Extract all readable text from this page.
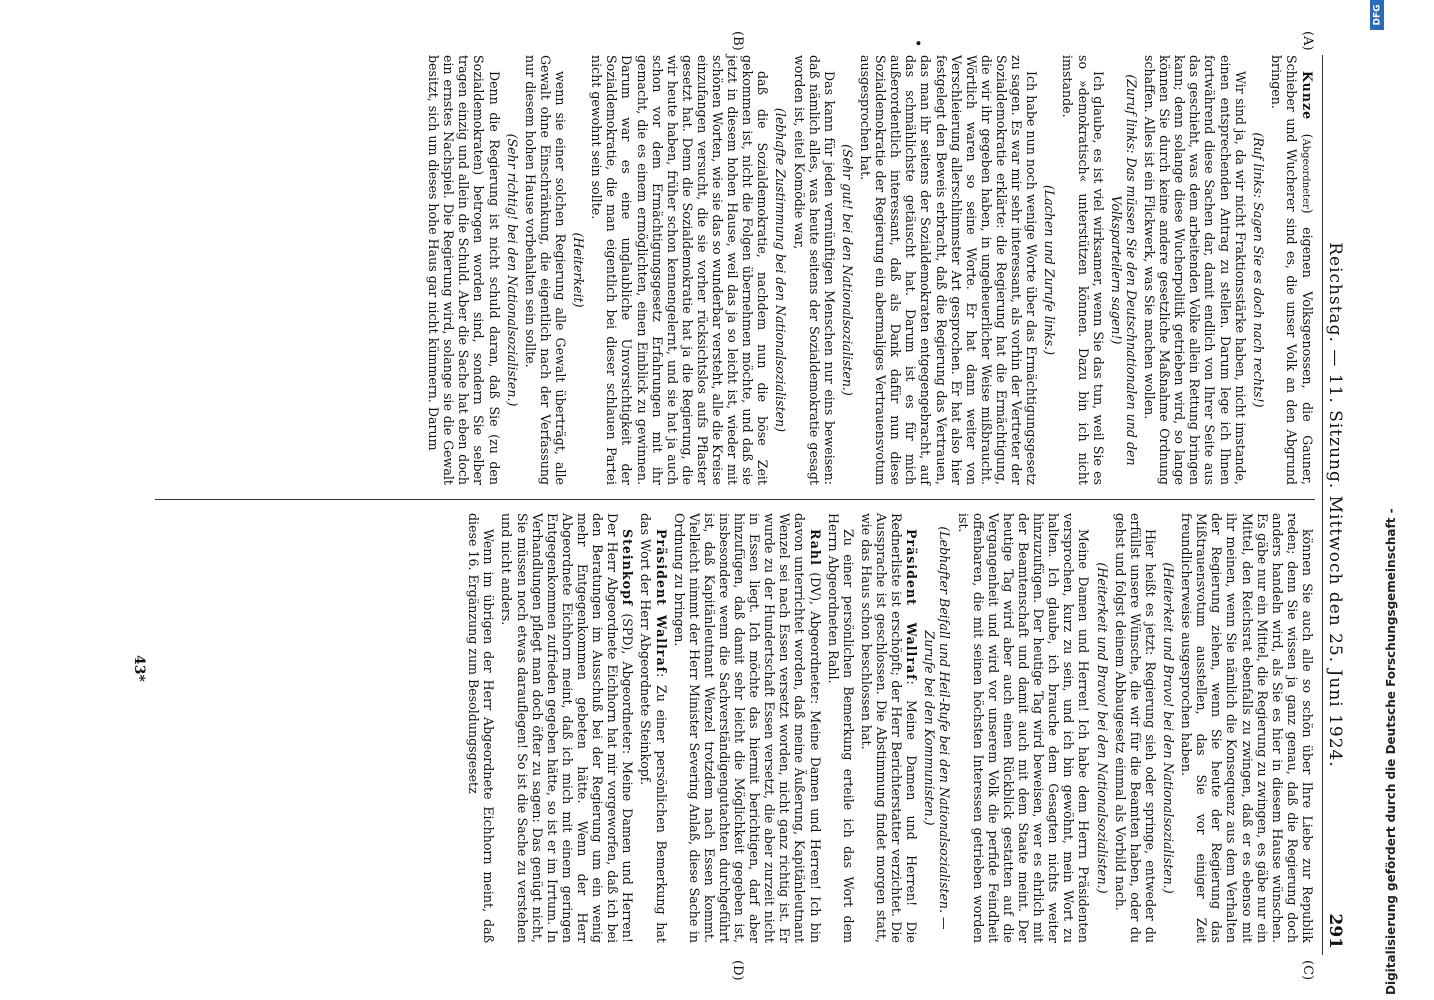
Reichstag. — 11. Sitzung. Mittwoch den 25. Juni 1924.
291
(A)
(B)
(C)
(D)
•

Kunze (Abgeordneter) eigenen Volksgenossen, die Gauner, Schieber und Wucherer sind es, die unser Volk an den Abgrund bringen.

(Ruf links: Sagen Sie es doch nach rechts!)

Wir sind ja, da wir nicht Fraktionsstärke haben, nicht imstande, einen entsprechenden Antrag zu stellen. Darum lege ich Ihnen fortwährend diese Sachen dar, damit endlich von Ihrer Seite aus das geschieht, was dem arbeitenden Volke allein Rettung bringen kann; denn solange diese Wucherpolitik getrieben wird, so lange können Sie durch keine andere gesetzliche Maßnahme Ordnung schaffen. Alles ist ein Flickwerk, was Sie machen wollen.

(Zuruf links: Das müssen Sie den Deutschnationalen und den Volksparteilern sagen!)

Ich glaube, es ist viel wirksamer, wenn Sie das tun, weil Sie es so »demokratisch« unterstützen können. Dazu bin ich nicht imstande.

(Lachen und Zurufe links.)

Ich habe nun noch wenige Worte über das Ermächtigungsgesetz zu sagen. Es war mir sehr interessant, als vorhin der Vertreter der Sozialdemokratie erklärte: die Regierung hat die Ermächtigung, die wir ihr gegeben haben, in ungeheuerlicher Weise mißbraucht. Wörtlich waren so seine Worte. Er hat dann weiter von Verschleierung allerschlimmster Art gesprochen. Er hat also hier festgelegt den Beweis erbracht, daß die Regierung das Vertrauen, das man ihr seitens der Sozialdemokraten entgegengebracht, auf das schmählichste getäuscht hat. Darum ist es für mich außerordentlich interessant, daß als Dank dafür nun diese Sozialdemokratie der Regierung ein abermaliges Vertrauensvotum ausgesprochen hat.

(Sehr gut! bei den Nationalsozialisten.)

Das kann für jeden vernünftigen Menschen nur eins beweisen: daß nämlich alles, was heute seitens der Sozialdemokratie gesagt worden ist, eitel Komödie war,

(lebhafte Zustimmung bei den Nationalsozialisten)

daß die Sozialdemokratie, nachdem nun die böse Zeit gekommen ist, nicht die Folgen übernehmen möchte, und daß sie jetzt in diesem hohen Hause, weil das ja so leicht ist, wieder mit schönen Worten, wie sie das so wunderbar versteht, alle die Kreise einzufangen versucht, die sie vorher rücksichtslos aufs Pflaster gesetzt hat. Denn die Sozialdemokratie hat ja die Regierung, die wir heute haben, früher schon kennengelernt, und sie hat ja auch schon vor dem Ermächtigungsgesetz Erfahrungen mit ihr gemacht, die es einem ermöglichten, einen Einblick zu gewinnen. Darum war es eine unglaubliche Unvorsichtigkeit der Sozialdemokratie, die man eigentlich bei dieser schlauen Partei nicht gewohnt sein sollte.

(Heiterkeit)

wenn sie einer solchen Regierung alle Gewalt überträgt, alle Gewalt ohne Einschränkung, die eigentlich nach der Verfassung nur diesem hohen Hause vorbehalten sein sollte.

(Sehr richtig! bei den Nationalsozialisten.)

Denn die Regierung ist nicht schuld daran, daß Sie (zu den Sozialdemokraten) betrogen worden sind, sondern Sie selber tragen einzig und allein die Schuld. Aber die Sache hat eben doch ein ernstes Nachspiel. Die Regierung wird, solange sie die Gewalt besitzt, sich um dieses hohe Haus gar nicht kümmern. Darum

können Sie auch alle so schön über Ihre Liebe zur Republik reden; denn Sie wissen ja ganz genau, daß die Regierung doch anders handeln wird, als Sie es hier in diesem Hause wünschen. Es gäbe nur ein Mittel, die Regierung zu zwingen, es gäbe nur ein Mittel, den Reichsrat ebenfalls zu zwingen, daß er es ebenso mit ihr meinen, wenn Sie nämlich die Konsequenz aus dem Verhalten der Regierung ziehen, wenn Sie heute der Regierung das Mißtrauensvotum ausstellen, das Sie vor einiger Zeit freundlicherweise ausgesprochen haben.

(Heiterkeit und Bravo! bei den Nationalsozialisten.)

Hier heißt es jetzt: Regierung sieh oder springe, entweder du erfüllst unsere Wünsche, die wir für die Beamten haben, oder du gehst und folgst deinem Abbaugesetz einmal als Vorbild nach.

(Heiterkeit und Bravo! bei den Nationalsozialisten.)

Meine Damen und Herren! Ich habe dem Herrn Präsidenten versprochen, kurz zu sein, und ich bin gewöhnt, mein Wort zu halten. Ich glaube, ich brauche dem Gesagten nichts weiter hinzuzufügen. Der heutige Tag wird beweisen, wer es ehrlich mit der Beamtenschaft und damit auch mit dem Staate meint. Der heutige Tag wird aber auch einen Rückblick gestatten auf die Vergangenheit und wird vor unserem Volk die perfide Feindheit offenbaren, die mit seinen höchsten Interessen getrieben worden ist.

(Lebhafter Beifall und Heil-Rufe bei den Nationalsozialisten. — Zurufe bei den Kommunisten.)

Präsident Wallraf: Meine Damen und Herren! Die Rednerliste ist erschöpft; der Herr Berichterstatter verzichtet. Die Aussprache ist geschlossen. Die Abstimmung findet morgen statt, wie das Haus schon beschlossen hat.

Zu einer persönlichen Bemerkung erteile ich das Wort dem Herrn Abgeordneten Rahl.

Rahl (DV), Abgeordneter: Meine Damen und Herren! Ich bin davon unterrichtet worden, daß meine Äußerung, Kapitänleutnant Wenzel sei nach Essen versetzt worden, nicht ganz richtig ist. Er wurde zu der Hundertschaft Essen versetzt, die aber zurzeit nicht in Essen liegt. Ich möchte das hiermit berichtigen, darf aber hinzufügen, daß damit sehr leicht die Möglichkeit gegeben ist, insbesondere wenn die Sachverständigengutachten durchgeführt ist, daß Kapitänleutnant Wenzel trotzdem nach Essen kommt. Vielleicht nimmt der Herr Minister Severing Anlaß, diese Sache in Ordnung zu bringen.

Präsident Wallraf: Zu einer persönlichen Bemerkung hat das Wort der Herr Abgeordnete Steinkopf.

Steinkopf (SPD), Abgeordneter: Meine Damen und Herren! Der Herr Abgeordnete Eichhorn hat mir vorgeworfen, daß ich bei den Beratungen im Ausschuß bei der Regierung um ein wenig mehr Entgegenkommen gebeten hätte. Wenn der Herr Abgeordnete Eichhorn meint, daß ich mich mit einem geringen Entgegenkommen zufrieden gegeben hätte, so ist er im Irrtum. In Verhandlungen pflegt man doch öfter zu sagen: Das genügt nicht, Sie müssen noch etwas darauflegen! So ist die Sache zu verstehen und nicht anders.

Wenn im übrigen der Herr Abgeordnete Eichhorn meint, daß diese 16. Ergänzung zum Besoldungsgesetz

43*	Digitalisierung gefördert durch die Deutsche Forschungsgemeinschaft -
DFG
